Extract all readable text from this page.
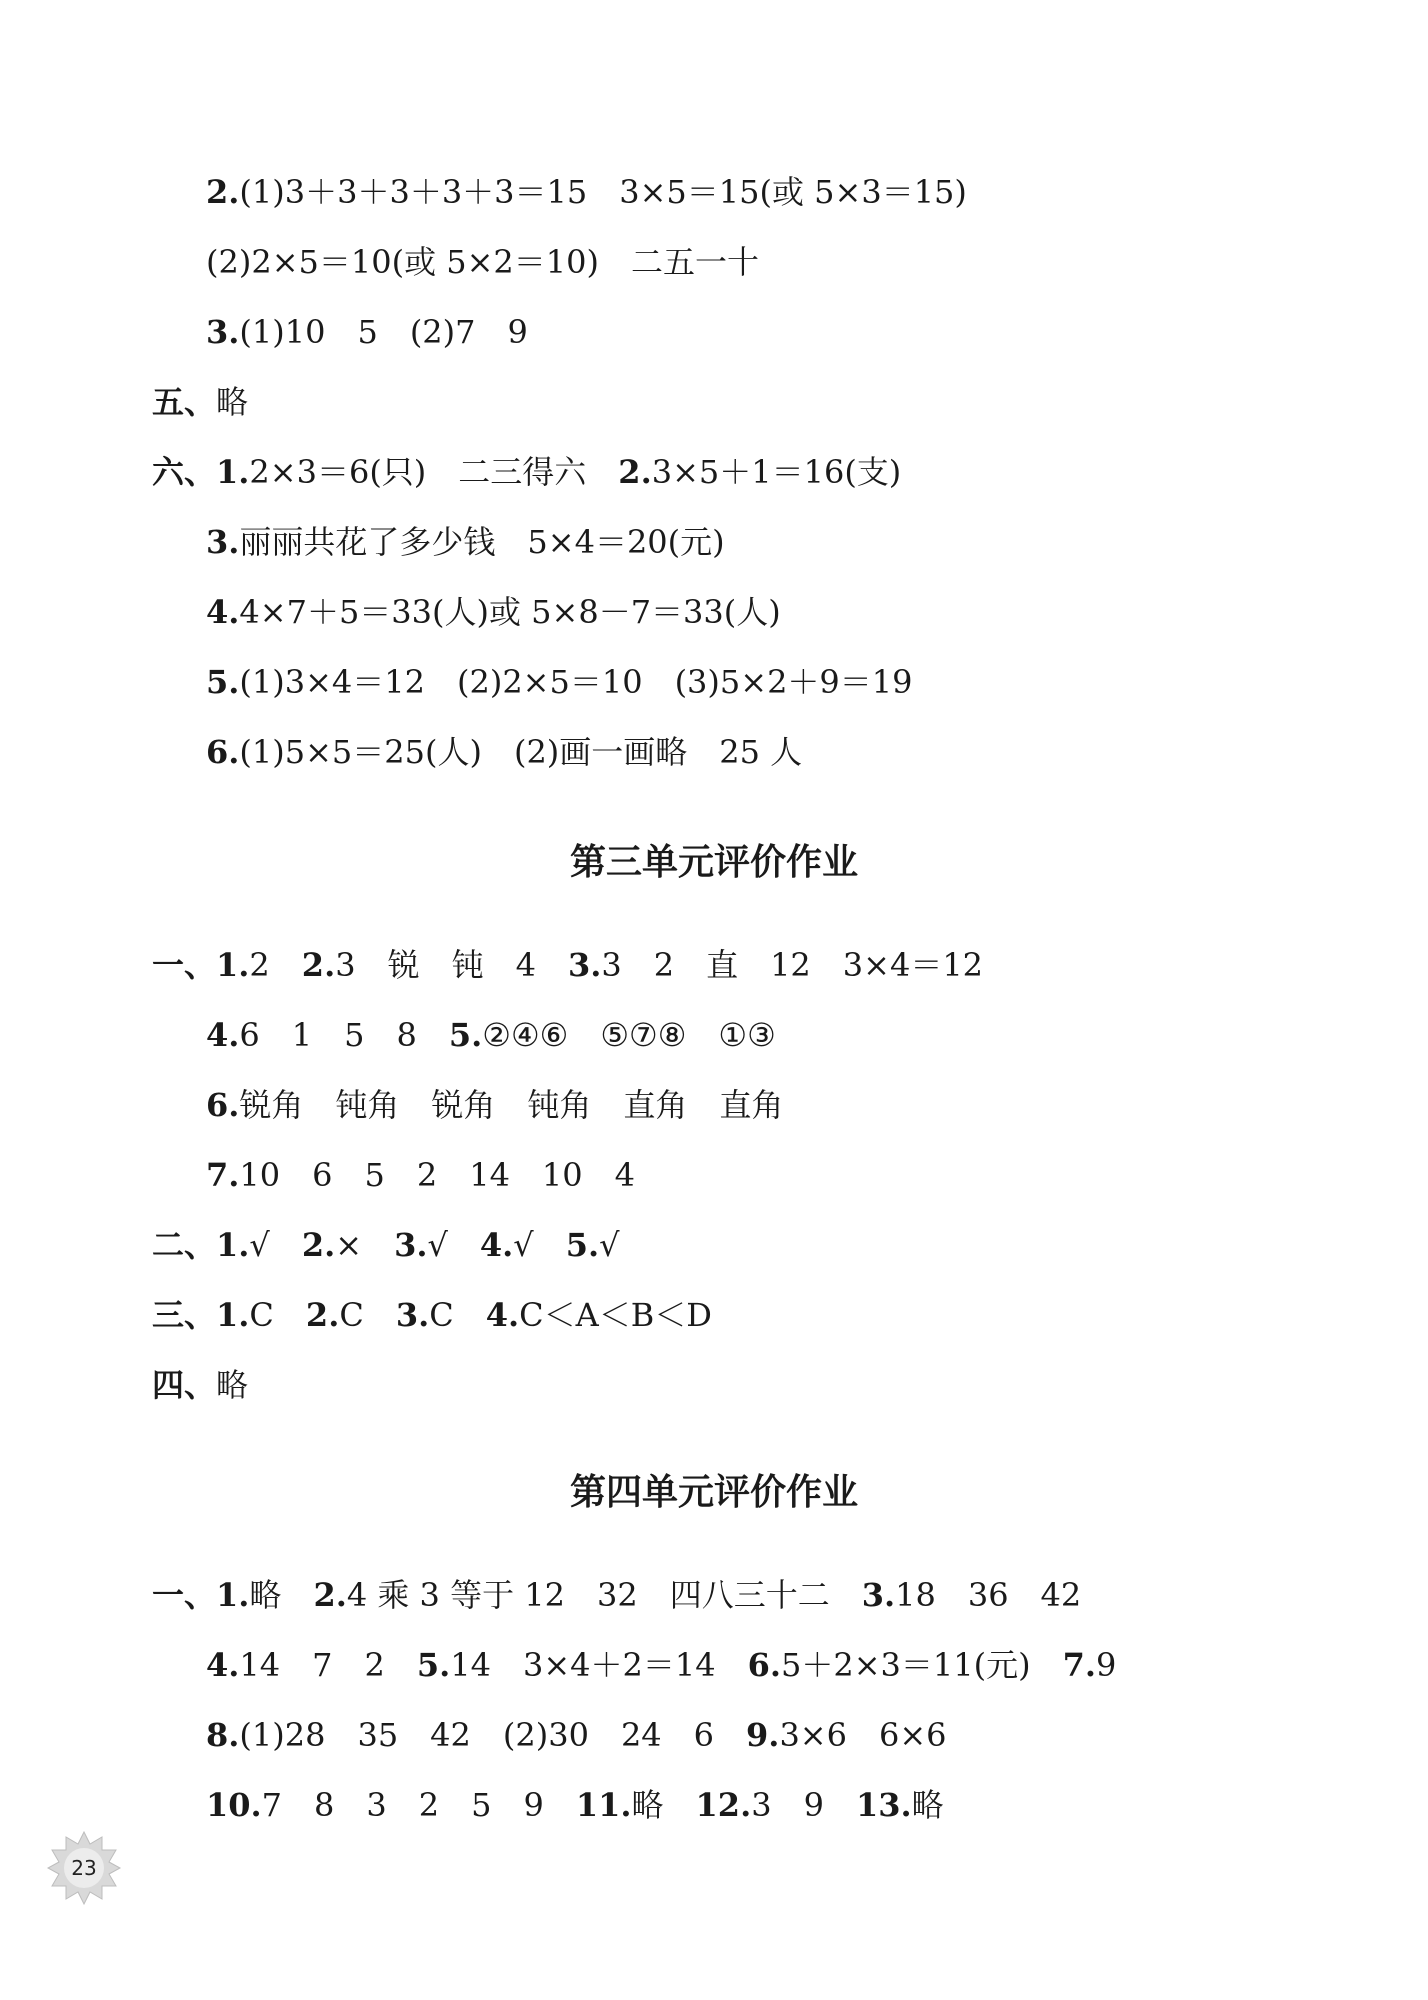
2.(1)3＋3＋3＋3＋3＝15　3×5＝15(或 5×3＝15)
(2)2×5＝10(或 5×2＝10)　二五一十
3.(1)10　5　(2)7　9
五、略
六、1.2×3＝6(只)　二三得六　2.3×5＋1＝16(支)
3.丽丽共花了多少钱　5×4＝20(元)
4.4×7＋5＝33(人)或 5×8－7＝33(人)
5.(1)3×4＝12　(2)2×5＝10　(3)5×2＋9＝19
6.(1)5×5＝25(人)　(2)画一画略　25 人
第三单元评价作业
一、1.2　2.3　锐　钝　4　3.3　2　直　12　3×4＝12
4.6　1　5　8　5.②④⑥　⑤⑦⑧　①③
6.锐角　钝角　锐角　钝角　直角　直角
7.10　6　5　2　14　10　4
二、1.√　2.×　3.√　4.√　5.√
三、1.C　2.C　3.C　4.C＜A＜B＜D
四、略
第四单元评价作业
一、1.略　2.4 乘 3 等于 12　32　四八三十二　3.18　36　42
4.14　7　2　5.14　3×4＋2＝14　6.5＋2×3＝11(元)　7.9
8.(1)28　35　42　(2)30　24　6　9.3×6　6×6
10.7　8　3　2　5　9　11.略　12.3　9　13.略
23
